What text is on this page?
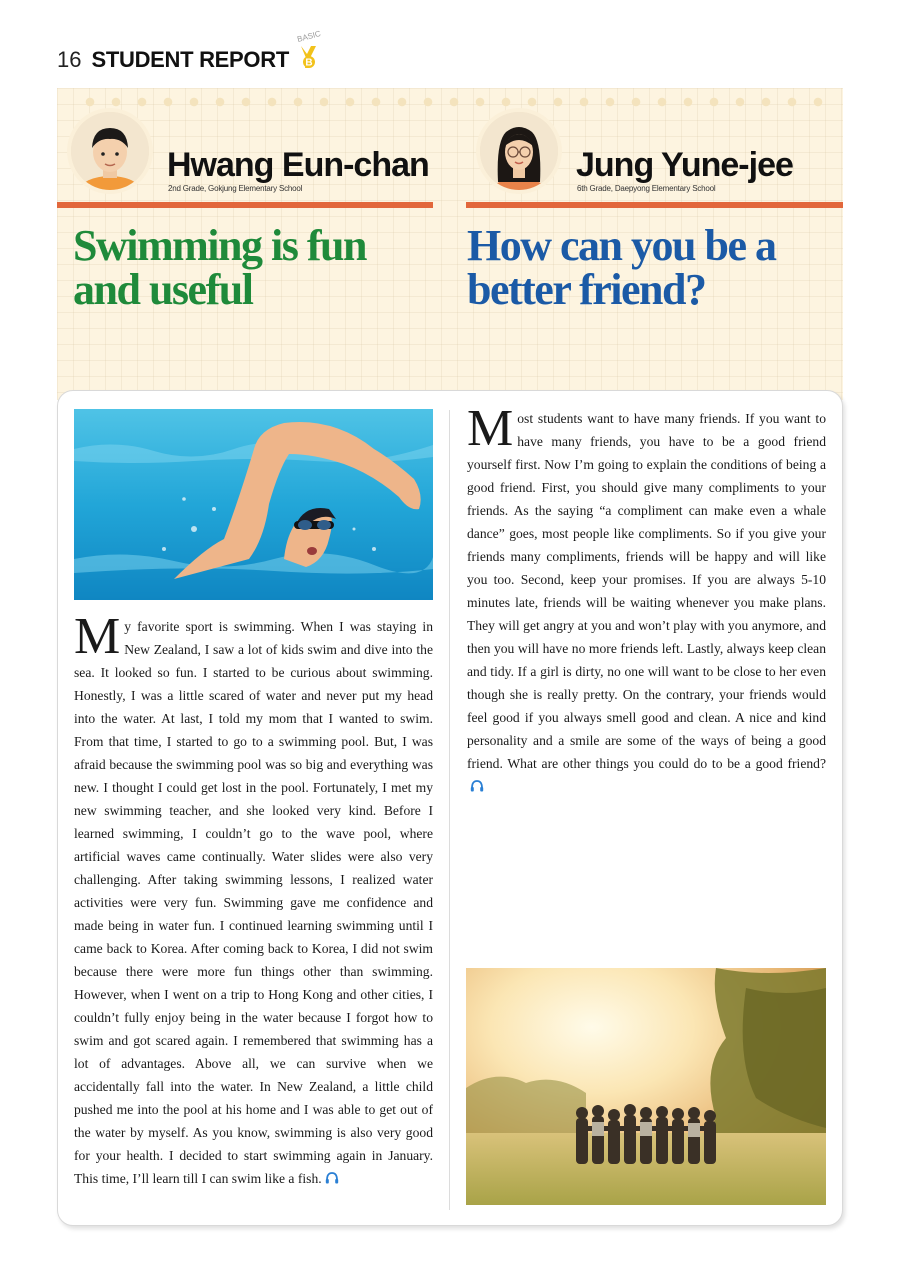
16 STUDENT REPORT
BASIC
B
Hwang Eun-chan
2nd Grade, Gokjung Elementary School
Jung Yune-jee
6th Grade, Daepyong Elementary School
Swimming is fun
and useful
How can you be a
better friend?
My favorite sport is swimming. When I was staying in New Zealand, I saw a lot of kids swim and dive into the sea. It looked so fun. I started to be curious about swimming. Honestly, I was a little scared of water and never put my head into the water. At last, I told my mom that I wanted to swim. From that time, I started to go to a swimming pool. But, I was afraid because the swimming pool was so big and everything was new. I thought I could get lost in the pool. Fortunately, I met my new swimming teacher, and she looked very kind. Before I learned swimming, I couldn’t go to the wave pool, where artificial waves came continually. Water slides were also very challenging. After taking swimming lessons, I realized water activities were very fun. Swimming gave me confidence and made being in water fun. I continued learning swimming until I came back to Korea. After coming back to Korea, I did not swim because there were more fun things other than swimming. However, when I went on a trip to Hong Kong and other cities, I couldn’t fully enjoy being in the water because I forgot how to swim and got scared again. I remembered that swimming has a lot of advantages. Above all, we can survive when we accidentally fall into the water. In New Zealand, a little child pushed me into the pool at his home and I was able to get out of the water by myself. As you know, swimming is also very good for your health. I decided to start swimming again in January. This time, I’ll learn till I can swim like a fish.
Most students want to have many friends. If you want to have many friends, you have to be a good friend yourself first. Now I’m going to explain the conditions of being a good friend. First, you should give many compliments to your friends. As the saying “a compliment can make even a whale dance” goes, most people like compliments. So if you give your friends many compliments, friends will be happy and will like you too. Second, keep your promises. If you are always 5-10 minutes late, friends will be waiting whenever you make plans. They will get angry at you and won’t play with you anymore, and then you will have no more friends left. Lastly, always keep clean and tidy. If a girl is dirty, no one will want to be close to her even though she is really pretty. On the contrary, your friends would feel good if you always smell good and clean. A nice and kind personality and a smile are some of the ways of being a good friend. What are other things you could do to be a good friend?
